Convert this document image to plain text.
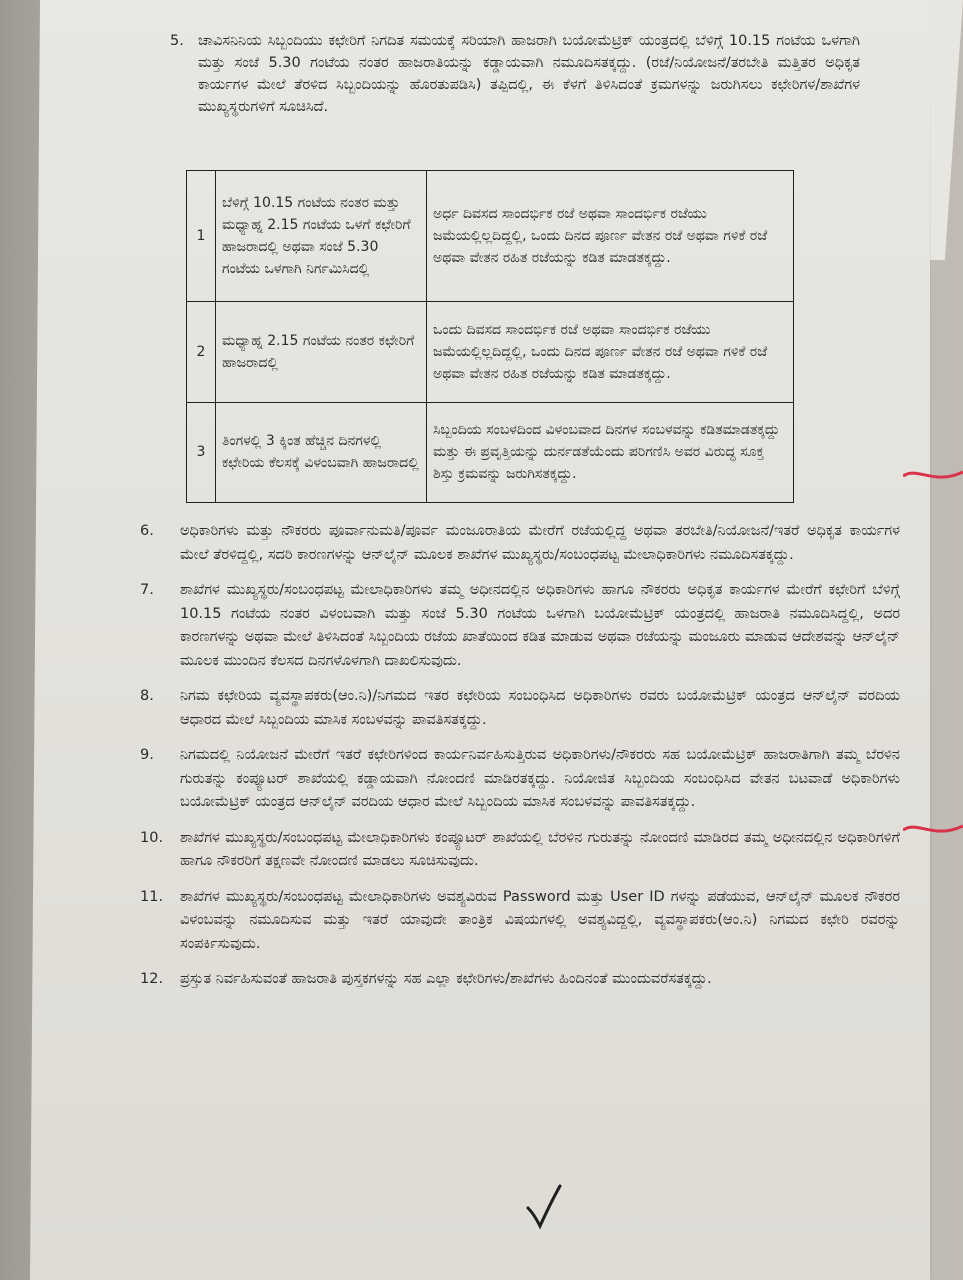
5. ಚಾವಿಸನಿನಿಯ ಸಿಬ್ಬಂದಿಯು ಕಛೇರಿಗೆ ನಿಗದಿತ ಸಮಯಕ್ಕೆ ಸರಿಯಾಗಿ ಹಾಜರಾಗಿ ಬಯೋಮೆಟ್ರಿಕ್ ಯಂತ್ರದಲ್ಲಿ ಬೆಳಿಗ್ಗೆ 10.15 ಗಂಟೆಯ ಒಳಗಾಗಿ ಮತ್ತು ಸಂಜೆ 5.30 ಗಂಟೆಯ ನಂತರ ಹಾಜರಾತಿಯನ್ನು ಕಡ್ಡಾಯವಾಗಿ ನಮೂದಿಸತಕ್ಕದ್ದು. (ರಜೆ/ನಿಯೋಜನೆ/ತರಬೇತಿ ಮತ್ತಿತರ ಅಧಿಕೃತ ಕಾರ್ಯಗಳ ಮೇಲೆ ತೆರಳಿದ ಸಿಬ್ಬಂದಿಯನ್ನು ಹೊರತುಪಡಿಸಿ) ತಪ್ಪಿದಲ್ಲಿ, ಈ ಕೆಳಗೆ ತಿಳಿಸಿದಂತೆ ಕ್ರಮಗಳನ್ನು ಜರುಗಿಸಲು ಕಛೇರಿಗಳ/ಶಾಖೆಗಳ ಮುಖ್ಯಸ್ಥರುಗಳಿಗೆ ಸೂಚಿಸಿದೆ.

1	ಬೆಳಿಗ್ಗೆ 10.15 ಗಂಟೆಯ ನಂತರ ಮತ್ತು ಮಧ್ಯಾಹ್ನ 2.15 ಗಂಟೆಯ ಒಳಗೆ ಕಛೇರಿಗೆ ಹಾಜರಾದಲ್ಲಿ ಅಥವಾ ಸಂಜೆ 5.30 ಗಂಟೆಯ ಒಳಗಾಗಿ ನಿರ್ಗಮಿಸಿದಲ್ಲಿ	ಅರ್ಧ ದಿವಸದ ಸಾಂದರ್ಭಿಕ ರಜೆ ಅಥವಾ ಸಾಂದರ್ಭಿಕ ರಜೆಯು ಜಮೆಯಲ್ಲಿಲ್ಲದಿದ್ದಲ್ಲಿ, ಒಂದು ದಿನದ ಪೂರ್ಣ ವೇತನ ರಜೆ ಅಥವಾ ಗಳಿಕೆ ರಜೆ ಅಥವಾ ವೇತನ ರಹಿತ ರಜೆಯನ್ನು ಕಡಿತ ಮಾಡತಕ್ಕದ್ದು.
2	ಮಧ್ಯಾಹ್ನ 2.15 ಗಂಟೆಯ ನಂತರ ಕಛೇರಿಗೆ ಹಾಜರಾದಲ್ಲಿ	ಒಂದು ದಿವಸದ ಸಾಂದರ್ಭಿಕ ರಜೆ ಅಥವಾ ಸಾಂದರ್ಭಿಕ ರಜೆಯು ಜಮೆಯಲ್ಲಿಲ್ಲದಿದ್ದಲ್ಲಿ, ಒಂದು ದಿನದ ಪೂರ್ಣ ವೇತನ ರಜೆ ಅಥವಾ ಗಳಿಕೆ ರಜೆ ಅಥವಾ ವೇತನ ರಹಿತ ರಜೆಯನ್ನು ಕಡಿತ ಮಾಡತಕ್ಕದ್ದು.
3	ತಿಂಗಳಲ್ಲಿ 3 ಕ್ಕಿಂತ ಹೆಚ್ಚಿನ ದಿನಗಳಲ್ಲಿ ಕಛೇರಿಯ ಕೆಲಸಕ್ಕೆ ವಿಳಂಬವಾಗಿ ಹಾಜರಾದಲ್ಲಿ	ಸಿಬ್ಬಂದಿಯ ಸಂಬಳದಿಂದ ವಿಳಂಬವಾದ ದಿನಗಳ ಸಂಬಳವನ್ನು ಕಡಿತಮಾಡತಕ್ಕದ್ದು ಮತ್ತು ಈ ಪ್ರವೃತ್ತಿಯನ್ನು ದುರ್ನಡತೆಯೆಂದು ಪರಿಗಣಿಸಿ ಅವರ ವಿರುದ್ಧ ಸೂಕ್ತ ಶಿಸ್ತು ಕ್ರಮವನ್ನು ಜರುಗಿಸತಕ್ಕದ್ದು.
6. ಅಧಿಕಾರಿಗಳು ಮತ್ತು ನೌಕರರು ಪೂರ್ವಾನುಮತಿ/ಪೂರ್ವ ಮಂಜೂರಾತಿಯ ಮೇರೆಗೆ ರಜೆಯಲ್ಲಿದ್ದ ಅಥವಾ ತರಬೇತಿ/ನಿಯೋಜನೆ/ಇತರೆ ಅಧಿಕೃತ ಕಾರ್ಯಗಳ ಮೇಲೆ ತೆರಳಿದ್ದಲ್ಲಿ, ಸದರಿ ಕಾರಣಗಳನ್ನು ಆನ್‌ಲೈನ್ ಮೂಲಕ ಶಾಖೆಗಳ ಮುಖ್ಯಸ್ಥರು/ಸಂಬಂಧಪಟ್ಟ ಮೇಲಾಧಿಕಾರಿಗಳು ನಮೂದಿಸತಕ್ಕದ್ದು.

7. ಶಾಖೆಗಳ ಮುಖ್ಯಸ್ಥರು/ಸಂಬಂಧಪಟ್ಟ ಮೇಲಾಧಿಕಾರಿಗಳು ತಮ್ಮ ಅಧೀನದಲ್ಲಿನ ಅಧಿಕಾರಿಗಳು ಹಾಗೂ ನೌಕರರು ಅಧಿಕೃತ ಕಾರ್ಯಗಳ ಮೇರೆಗೆ ಕಛೇರಿಗೆ ಬೆಳಿಗ್ಗೆ 10.15 ಗಂಟೆಯ ನಂತರ ವಿಳಂಬವಾಗಿ ಮತ್ತು ಸಂಜೆ 5.30 ಗಂಟೆಯ ಒಳಗಾಗಿ ಬಯೋಮೆಟ್ರಿಕ್ ಯಂತ್ರದಲ್ಲಿ ಹಾಜರಾತಿ ನಮೂದಿಸಿದ್ದಲ್ಲಿ, ಅದರ ಕಾರಣಗಳನ್ನು ಅಥವಾ ಮೇಲೆ ತಿಳಿಸಿದಂತೆ ಸಿಬ್ಬಂದಿಯ ರಜೆಯ ಖಾತೆಯಿಂದ ಕಡಿತ ಮಾಡುವ ಅಥವಾ ರಜೆಯನ್ನು ಮಂಜೂರು ಮಾಡುವ ಆದೇಶವನ್ನು ಆನ್‌ಲೈನ್ ಮೂಲಕ ಮುಂದಿನ ಕೆಲಸದ ದಿನಗಳೊಳಗಾಗಿ ದಾಖಲಿಸುವುದು.

8. ನಿಗಮ ಕಛೇರಿಯ ವ್ಯವಸ್ಥಾಪಕರು(ಆಂ.ನಿ)/ನಿಗಮದ ಇತರ ಕಛೇರಿಯ ಸಂಬಂಧಿಸಿದ ಅಧಿಕಾರಿಗಳು ರವರು ಬಯೋಮೆಟ್ರಿಕ್ ಯಂತ್ರದ ಆನ್‌ಲೈನ್ ವರದಿಯ ಆಧಾರದ ಮೇಲೆ ಸಿಬ್ಬಂದಿಯ ಮಾಸಿಕ ಸಂಬಳವನ್ನು ಪಾವತಿಸತಕ್ಕದ್ದು.

9. ನಿಗಮದಲ್ಲಿ ನಿಯೋಜನೆ ಮೇರೆಗೆ ಇತರೆ ಕಛೇರಿಗಳಿಂದ ಕಾರ್ಯನಿರ್ವಹಿಸುತ್ತಿರುವ ಅಧಿಕಾರಿಗಳು/ನೌಕರರು ಸಹ ಬಯೋಮೆಟ್ರಿಕ್ ಹಾಜರಾತಿಗಾಗಿ ತಮ್ಮ ಬೆರಳಿನ ಗುರುತನ್ನು ಕಂಪ್ಯೂಟರ್ ಶಾಖೆಯಲ್ಲಿ ಕಡ್ಡಾಯವಾಗಿ ನೋಂದಣಿ ಮಾಡಿರತಕ್ಕದ್ದು. ನಿಯೋಜಿತ ಸಿಬ್ಬಂದಿಯ ಸಂಬಂಧಿಸಿದ ವೇತನ ಬಟವಾಡೆ ಅಧಿಕಾರಿಗಳು ಬಯೋಮೆಟ್ರಿಕ್ ಯಂತ್ರದ ಆನ್‌ಲೈನ್ ವರದಿಯ ಆಧಾರ ಮೇಲೆ ಸಿಬ್ಬಂದಿಯ ಮಾಸಿಕ ಸಂಬಳವನ್ನು ಪಾವತಿಸತಕ್ಕದ್ದು.

10. ಶಾಖೆಗಳ ಮುಖ್ಯಸ್ಥರು/ಸಂಬಂಧಪಟ್ಟ ಮೇಲಾಧಿಕಾರಿಗಳು ಕಂಪ್ಯೂಟರ್ ಶಾಖೆಯಲ್ಲಿ ಬೆರಳಿನ ಗುರುತನ್ನು ನೋಂದಣಿ ಮಾಡಿರದ ತಮ್ಮ ಅಧೀನದಲ್ಲಿನ ಅಧಿಕಾರಿಗಳಿಗೆ ಹಾಗೂ ನೌಕರರಿಗೆ ತಕ್ಷಣವೇ ನೋಂದಣಿ ಮಾಡಲು ಸೂಚಿಸುವುದು.

11. ಶಾಖೆಗಳ ಮುಖ್ಯಸ್ಥರು/ಸಂಬಂಧಪಟ್ಟ ಮೇಲಾಧಿಕಾರಿಗಳು ಅವಶ್ಯವಿರುವ Password ಮತ್ತು User ID ಗಳನ್ನು ಪಡೆಯುವ, ಆನ್‌ಲೈನ್ ಮೂಲಕ ನೌಕರರ ವಿಳಂಬವನ್ನು ನಮೂದಿಸುವ ಮತ್ತು ಇತರೆ ಯಾವುದೇ ತಾಂತ್ರಿಕ ವಿಷಯಗಳಲ್ಲಿ ಅವಶ್ಯವಿದ್ದಲ್ಲಿ, ವ್ಯವಸ್ಥಾಪಕರು(ಆಂ.ನಿ) ನಿಗಮದ ಕಛೇರಿ ರವರನ್ನು ಸಂಪರ್ಕಿಸುವುದು.

12. ಪ್ರಸ್ತುತ ನಿರ್ವಹಿಸುವಂತೆ ಹಾಜರಾತಿ ಪುಸ್ತಕಗಳನ್ನು ಸಹ ಎಲ್ಲಾ ಕಛೇರಿಗಳು/ಶಾಖೆಗಳು ಹಿಂದಿನಂತೆ ಮುಂದುವರೆಸತಕ್ಕದ್ದು.
